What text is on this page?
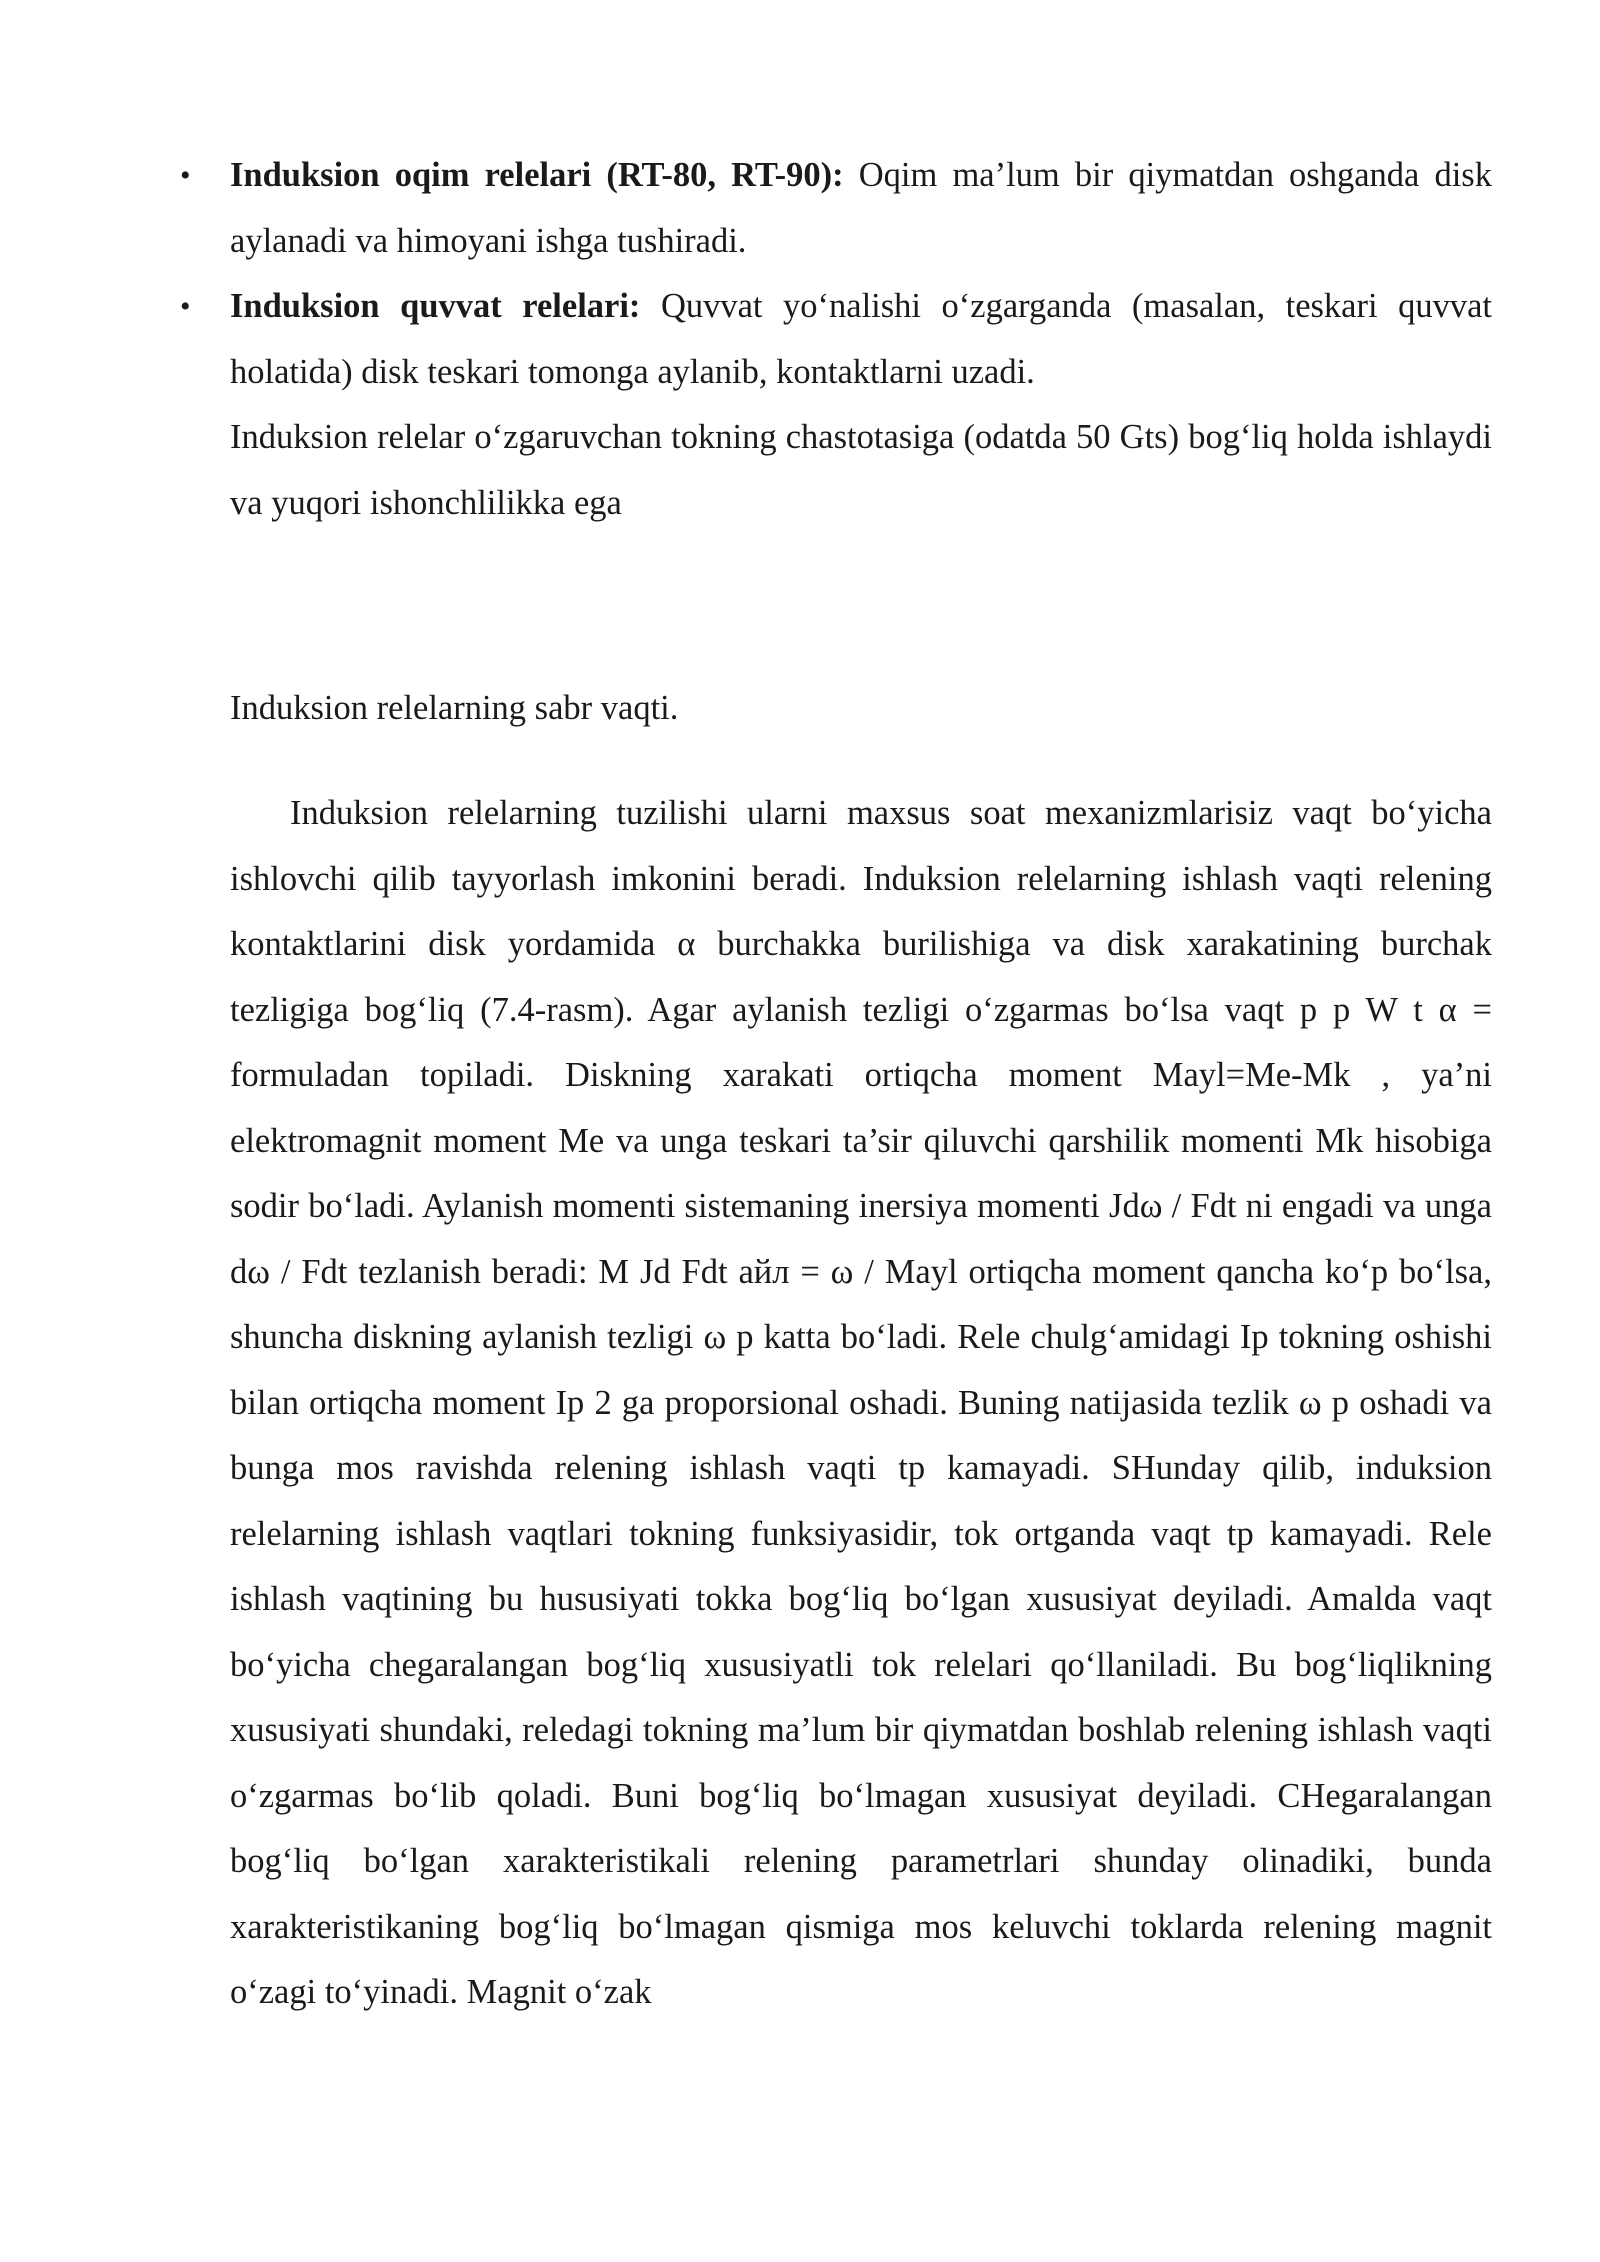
• Induksion oqim relelari (RT-80, RT-90): Oqim ma’lum bir qiymatdan oshganda disk aylanadi va himoyani ishga tushiradi.
• Induksion quvvat relelari: Quvvat yo‘nalishi o‘zgarganda (masalan, teskari quvvat holatida) disk teskari tomonga aylanib, kontaktlarni uzadi.

Induksion relelar o‘zgaruvchan tokning chastotasiga (odatda 50 Gts) bog‘liq holda ishlaydi va yuqori ishonchlilikka ega

Induksion relelarning sabr vaqti.

Induksion relelarning tuzilishi ularni maxsus soat mexanizmlarisiz vaqt bo‘yicha ishlovchi qilib tayyorlash imkonini beradi. Induksion relelarning ishlash vaqti relening kontaktlarini disk yordamida α burchakka burilishiga va disk xarakatining burchak tezligiga bog‘liq (7.4-rasm). Agar aylanish tezligi o‘zgarmas bo‘lsa vaqt p p W t α = formuladan topiladi. Diskning xarakati ortiqcha moment Mayl=Me-Mk , ya’ni elektromagnit moment Me va unga teskari ta’sir qiluvchi qarshilik momenti Mk hisobiga sodir bo‘ladi. Aylanish momenti sistemaning inersiya momenti Jdω / Fdt ni engadi va unga dω / Fdt tezlanish beradi: M Jd Fdt айл = ω / Mayl ortiqcha moment qancha ko‘p bo‘lsa, shuncha diskning aylanish tezligi ω p katta bo‘ladi. Rele chulg‘amidagi Ip tokning oshishi bilan ortiqcha moment Ip 2 ga proporsional oshadi. Buning natijasida tezlik ω p oshadi va bunga mos ravishda relening ishlash vaqti tp kamayadi. SHunday qilib, induksion relelarning ishlash vaqtlari tokning funksiyasidir, tok ortganda vaqt tp kamayadi. Rele ishlash vaqtining bu hususiyati tokka bog‘liq bo‘lgan xususiyat deyiladi. Amalda vaqt bo‘yicha chegaralangan bog‘liq xususiyatli tok relelari qo‘llaniladi. Bu bog‘liqlikning xususiyati shundaki, reledagi tokning ma’lum bir qiymatdan boshlab relening ishlash vaqti o‘zgarmas bo‘lib qoladi. Buni bog‘liq bo‘lmagan xususiyat deyiladi. CHegaralangan bog‘liq bo‘lgan xarakteristikali relening parametrlari shunday olinadiki, bunda xarakteristikaning bog‘liq bo‘lmagan qismiga mos keluvchi toklarda relening magnit o‘zagi to‘yinadi. Magnit o‘zak
